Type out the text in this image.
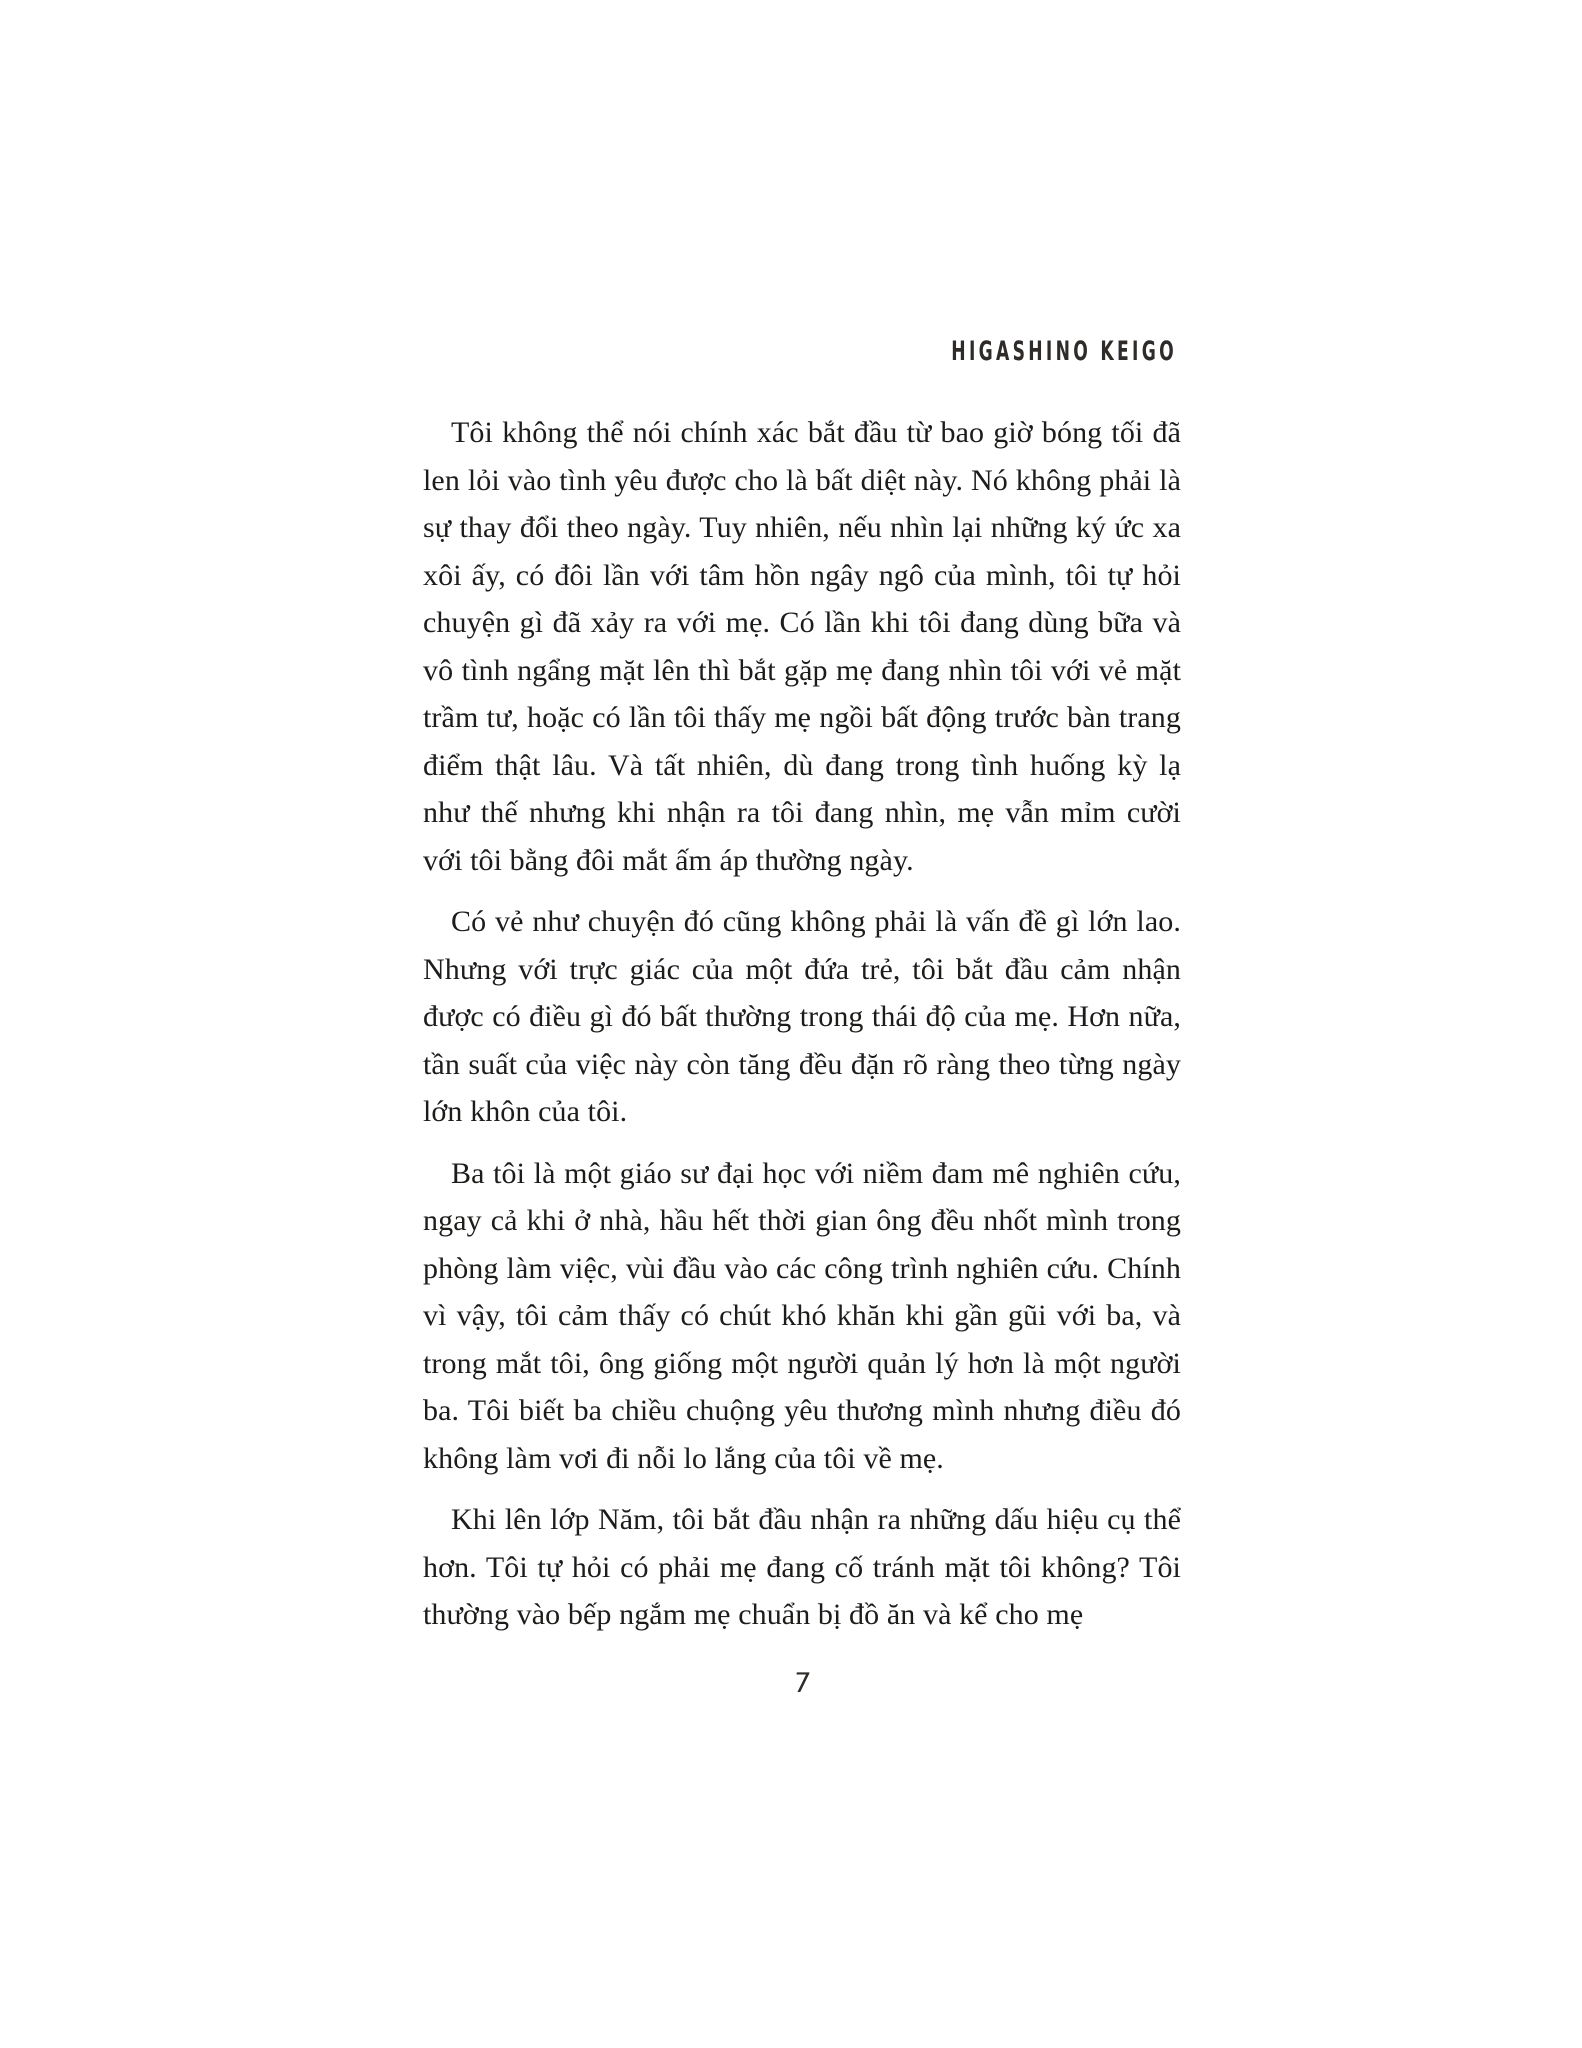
HIGASHINO KEIGO

Tôi không thể nói chính xác bắt đầu từ bao giờ bóng tối đã len lỏi vào tình yêu được cho là bất diệt này. Nó không phải là sự thay đổi theo ngày. Tuy nhiên, nếu nhìn lại những ký ức xa xôi ấy, có đôi lần với tâm hồn ngây ngô của mình, tôi tự hỏi chuyện gì đã xảy ra với mẹ. Có lần khi tôi đang dùng bữa và vô tình ngẩng mặt lên thì bắt gặp mẹ đang nhìn tôi với vẻ mặt trầm tư, hoặc có lần tôi thấy mẹ ngồi bất động trước bàn trang điểm thật lâu. Và tất nhiên, dù đang trong tình huống kỳ lạ như thế nhưng khi nhận ra tôi đang nhìn, mẹ vẫn mỉm cười với tôi bằng đôi mắt ấm áp thường ngày.

Có vẻ như chuyện đó cũng không phải là vấn đề gì lớn lao. Nhưng với trực giác của một đứa trẻ, tôi bắt đầu cảm nhận được có điều gì đó bất thường trong thái độ của mẹ. Hơn nữa, tần suất của việc này còn tăng đều đặn rõ ràng theo từng ngày lớn khôn của tôi.

Ba tôi là một giáo sư đại học với niềm đam mê nghiên cứu, ngay cả khi ở nhà, hầu hết thời gian ông đều nhốt mình trong phòng làm việc, vùi đầu vào các công trình nghiên cứu. Chính vì vậy, tôi cảm thấy có chút khó khăn khi gần gũi với ba, và trong mắt tôi, ông giống một người quản lý hơn là một người ba. Tôi biết ba chiều chuộng yêu thương mình nhưng điều đó không làm vơi đi nỗi lo lắng của tôi về mẹ.

Khi lên lớp Năm, tôi bắt đầu nhận ra những dấu hiệu cụ thể hơn. Tôi tự hỏi có phải mẹ đang cố tránh mặt tôi không? Tôi thường vào bếp ngắm mẹ chuẩn bị đồ ăn và kể cho mẹ

7
